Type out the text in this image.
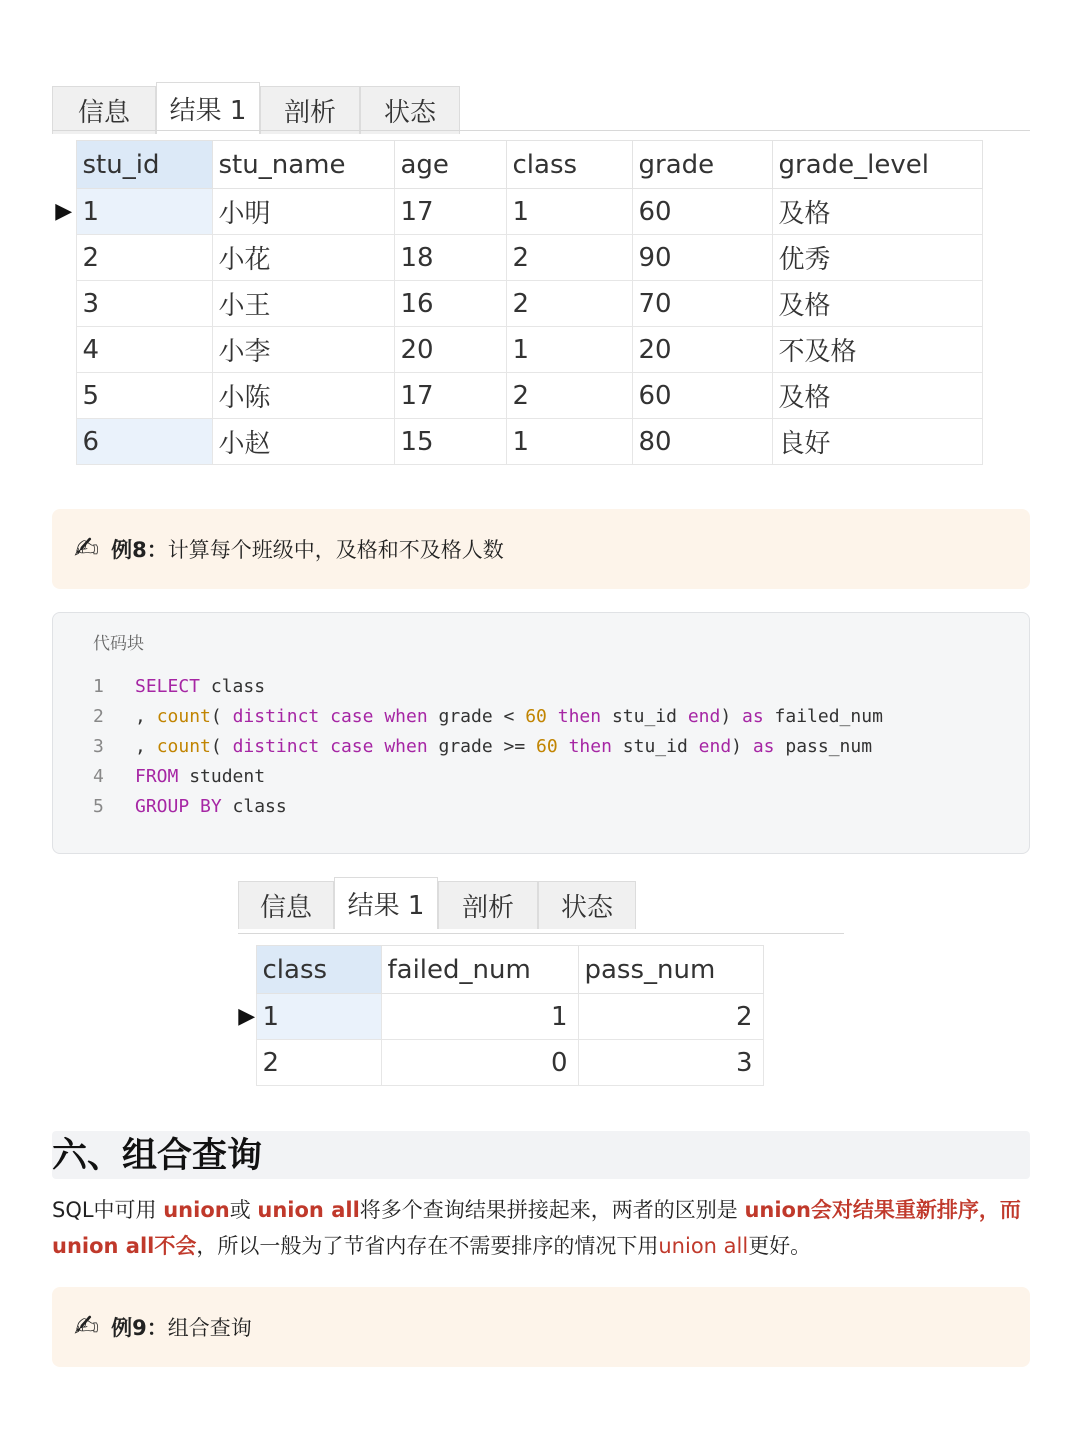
信息	结果 1	剖析	状态
	stu_id	stu_name	age	class	grade	grade_level
▶	1	小明	17	1	60	及格
	2	小花	18	2	90	优秀
	3	小王	16	2	70	及格
	4	小李	20	1	20	不及格
	5	小陈	17	2	60	及格
	6	小赵	15	1	80	良好
✍ 例8： 计算每个班级中，及格和不及格人数
代码块
1	SELECT class
2	, count ( distinct
case
when grade < 60
then stu_id end ) as failed_num
3	, count ( distinct
case
when grade >= 60
then stu_id end ) as pass_num
4	FROM student
5	GROUP BY class
信息	结果 1	剖析	状态
	class	failed_num	pass_num
▶	1	1	2
	2	0	3
六、组合查询
SQL中可用 union或 union all将多个查询结果拼接起来，两者的区别是 union会对结果重新排序，而 union all不会，所以一般为了节省内存在不需要排序的情况下用union all更好。
✍ 例9： 组合查询
